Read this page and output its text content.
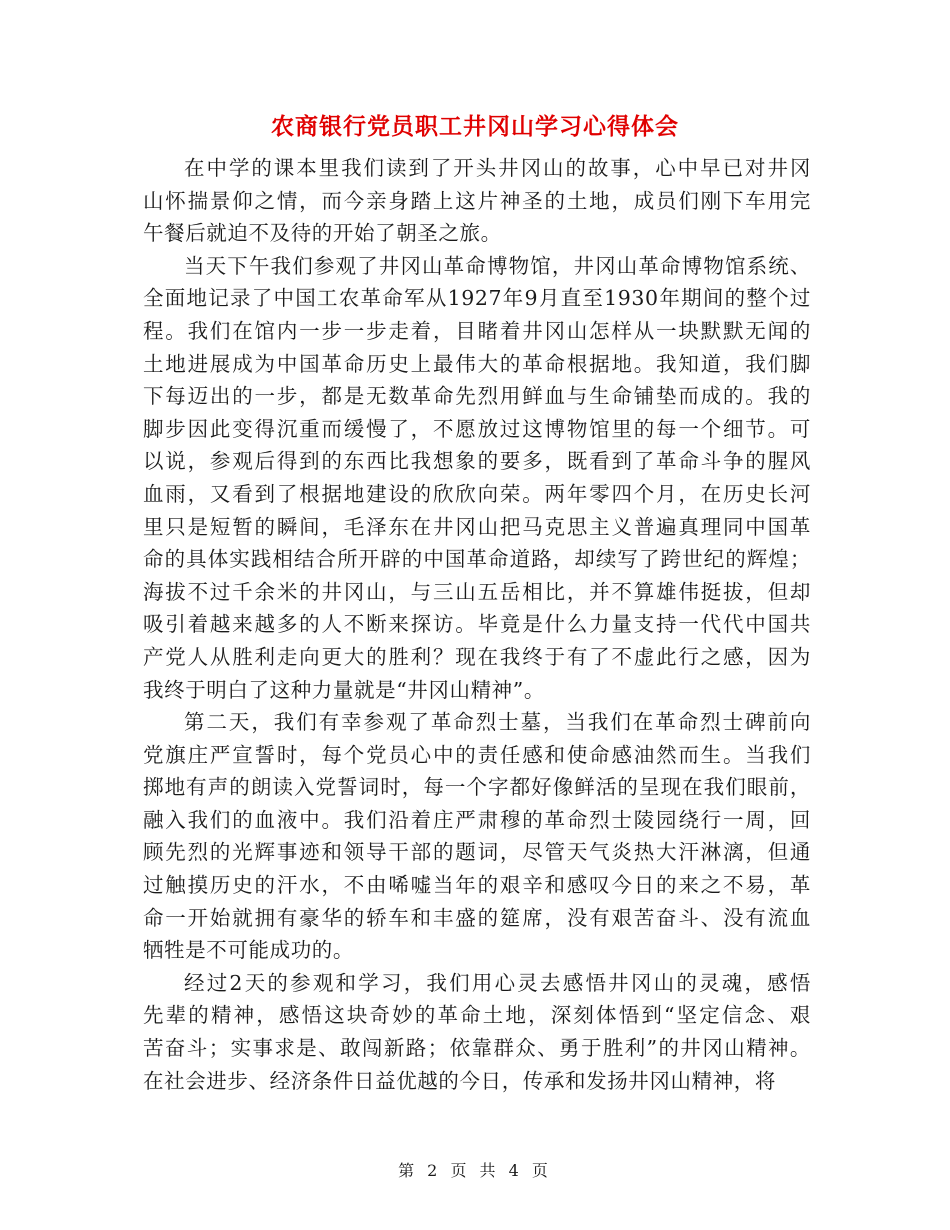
农商银行党员职工井冈山学习心得体会
在中学的课本里我们读到了开头井冈山的故事，心中早已对井冈
山怀揣景仰之情，而今亲身踏上这片神圣的土地，成员们刚下车用完
午餐后就迫不及待的开始了朝圣之旅。
当天下午我们参观了井冈山革命博物馆，井冈山革命博物馆系统、
全面地记录了中国工农革命军从1927年9月直至1930年期间的整个过
程。我们在馆内一步一步走着，目睹着井冈山怎样从一块默默无闻的
土地进展成为中国革命历史上最伟大的革命根据地。我知道，我们脚
下每迈出的一步，都是无数革命先烈用鲜血与生命铺垫而成的。我的
脚步因此变得沉重而缓慢了，不愿放过这博物馆里的每一个细节。可
以说，参观后得到的东西比我想象的要多，既看到了革命斗争的腥风
血雨，又看到了根据地建设的欣欣向荣。两年零四个月，在历史长河
里只是短暂的瞬间，毛泽东在井冈山把马克思主义普遍真理同中国革
命的具体实践相结合所开辟的中国革命道路，却续写了跨世纪的辉煌；
海拔不过千余米的井冈山，与三山五岳相比，并不算雄伟挺拔，但却
吸引着越来越多的人不断来探访。毕竟是什么力量支持一代代中国共
产党人从胜利走向更大的胜利？现在我终于有了不虚此行之感，因为
我终于明白了这种力量就是“井冈山精神”。
第二天，我们有幸参观了革命烈士墓，当我们在革命烈士碑前向
党旗庄严宣誓时，每个党员心中的责任感和使命感油然而生。当我们
掷地有声的朗读入党誓词时，每一个字都好像鲜活的呈现在我们眼前，
融入我们的血液中。我们沿着庄严肃穆的革命烈士陵园绕行一周，回
顾先烈的光辉事迹和领导干部的题词，尽管天气炎热大汗淋漓，但通
过触摸历史的汗水，不由唏嘘当年的艰辛和感叹今日的来之不易，革
命一开始就拥有豪华的轿车和丰盛的筵席，没有艰苦奋斗、没有流血
牺牲是不可能成功的。
经过2天的参观和学习，我们用心灵去感悟井冈山的灵魂，感悟
先辈的精神，感悟这块奇妙的革命土地，深刻体悟到“坚定信念、艰
苦奋斗；实事求是、敢闯新路；依靠群众、勇于胜利”的井冈山精神。
在社会进步、经济条件日益优越的今日，传承和发扬井冈山精神，将
第 2 页 共 4 页
